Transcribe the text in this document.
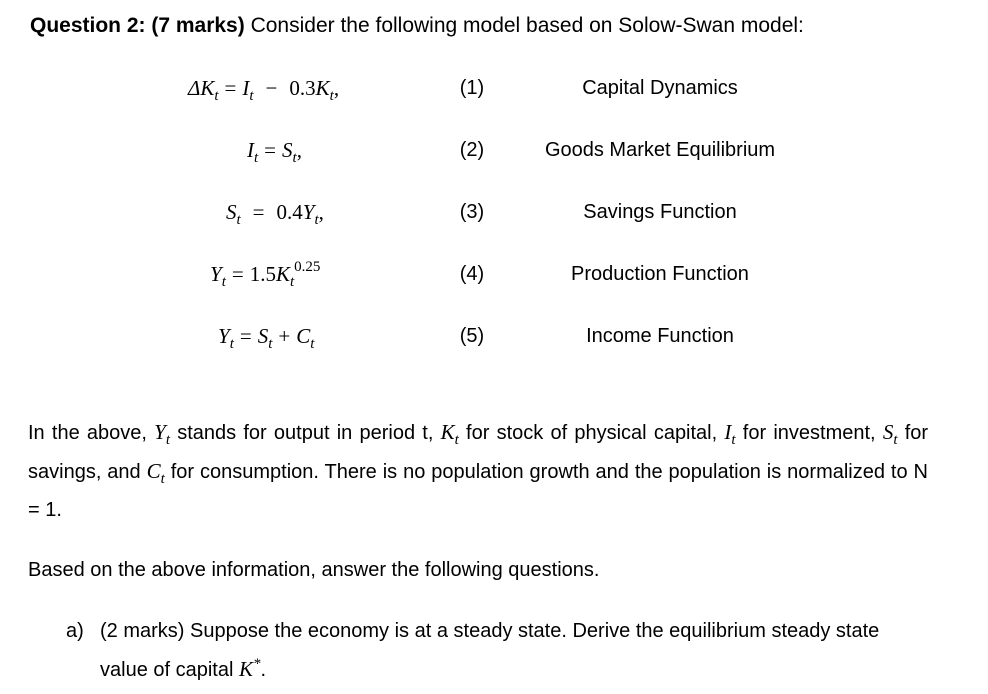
Question 2: (7 marks) Consider the following model based on Solow-Swan model:
$\Delta K_t = I_t - 0.3K_t$,	(1)	Capital Dynamics
$I_t = S_t$,	(2)	Goods Market Equilibrium
$S_t = 0.4Y_t$,	(3)	Savings Function
$Y_t = 1.5K_t^{0.25}$	(4)	Production Function
$Y_t = S_t + C_t$	(5)	Income Function
In the above, $Y_t$ stands for output in period t, $K_t$ for stock of physical capital, $I_t$ for investment, $S_t$ for savings, and $C_t$ for consumption. There is no population growth and the population is normalized to N = 1.
Based on the above information, answer the following questions.
a) (2 marks) Suppose the economy is at a steady state. Derive the equilibrium steady state value of capital K*.
